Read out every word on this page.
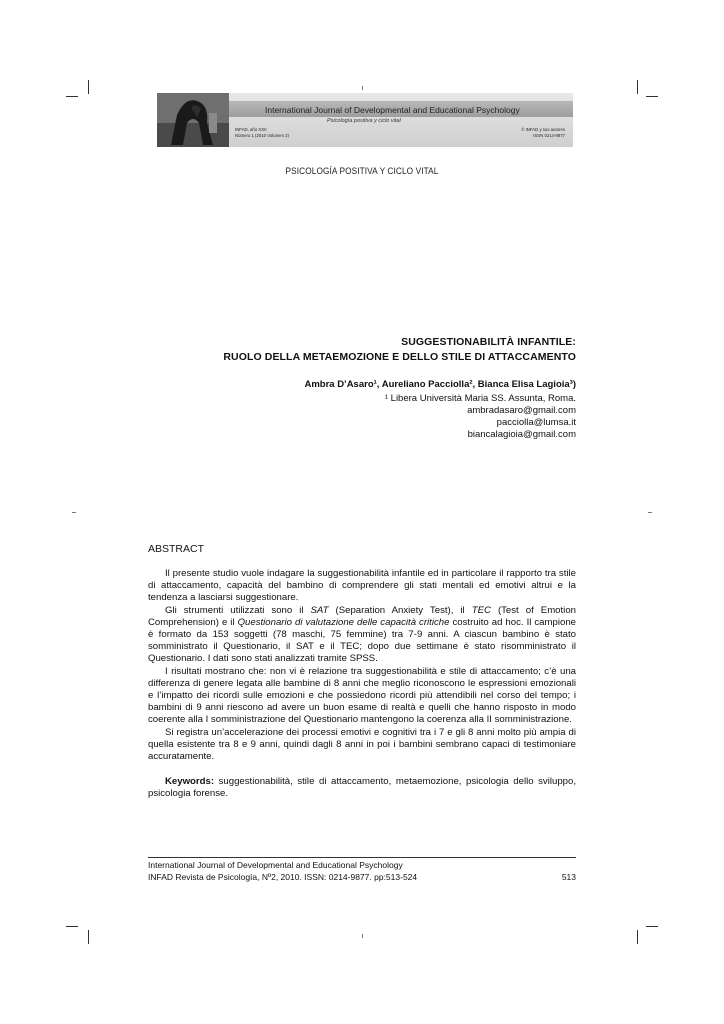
International Journal of Developmental and Educational Psychology
Psicología positiva y ciclo vital
INFAD, año XXII
Número 1 (2010 Volumen 2)
© INFAD y sus autores
ISSN 0214-9877
PSICOLOGÍA POSITIVA Y CICLO VITAL
SUGGESTIONABILITÀ INFANTILE:
RUOLO DELLA METAEMOZIONE E DELLO STILE DI ATTACCAMENTO
Ambra D’Asaro¹, Aureliano Pacciolla², Bianca Elisa Lagioia³)
¹ Libera Università Maria SS. Assunta, Roma.
ambradasaro@gmail.com
pacciolla@lumsa.it
biancalagioia@gmail.com
ABSTRACT

Il presente studio vuole indagare la suggestionabilità infantile ed in particolare il rapporto tra stile di attaccamento, capacità del bambino di comprendere gli stati mentali ed emotivi altrui e la tendenza a lasciarsi suggestionare.

Gli strumenti utilizzati sono il SAT (Separation Anxiety Test), il TEC (Test of Emotion Comprehension) e il Questionario di valutazione delle capacità critiche costruito ad hoc. Il campione è formato da 153 soggetti (78 maschi, 75 femmine) tra 7-9 anni. A ciascun bambino è stato somministrato il Questionario, il SAT e il TEC; dopo due settimane è stato risomministrato il Questionario. I dati sono stati analizzati tramite SPSS.

I risultati mostrano che: non vi è relazione tra suggestionabilità e stile di attaccamento; c’è una differenza di genere legata alle bambine di 8 anni che meglio riconoscono le espressioni emozionali e l’impatto dei ricordi sulle emozioni e che possiedono ricordi più attendibili nel corso del tempo; i bambini di 9 anni riescono ad avere un buon esame di realtà e quelli che hanno risposto in modo coerente alla I somministrazione del Questionario mantengono la coerenza alla II somministrazione.

Si registra un’accelerazione dei processi emotivi e cognitivi tra i 7 e gli 8 anni molto più ampia di quella esistente tra 8 e 9 anni, quindi dagli 8 anni in poi i bambini sembrano capaci di testimoniare accuratamente.

Keywords: suggestionabilità, stile di attaccamento, metaemozione, psicologia dello sviluppo, psicologia forense.

International Journal of Developmental and Educational Psychology
INFAD Revista de Psicología, Nº2, 2010. ISSN: 0214-9877. pp:513-524	513
